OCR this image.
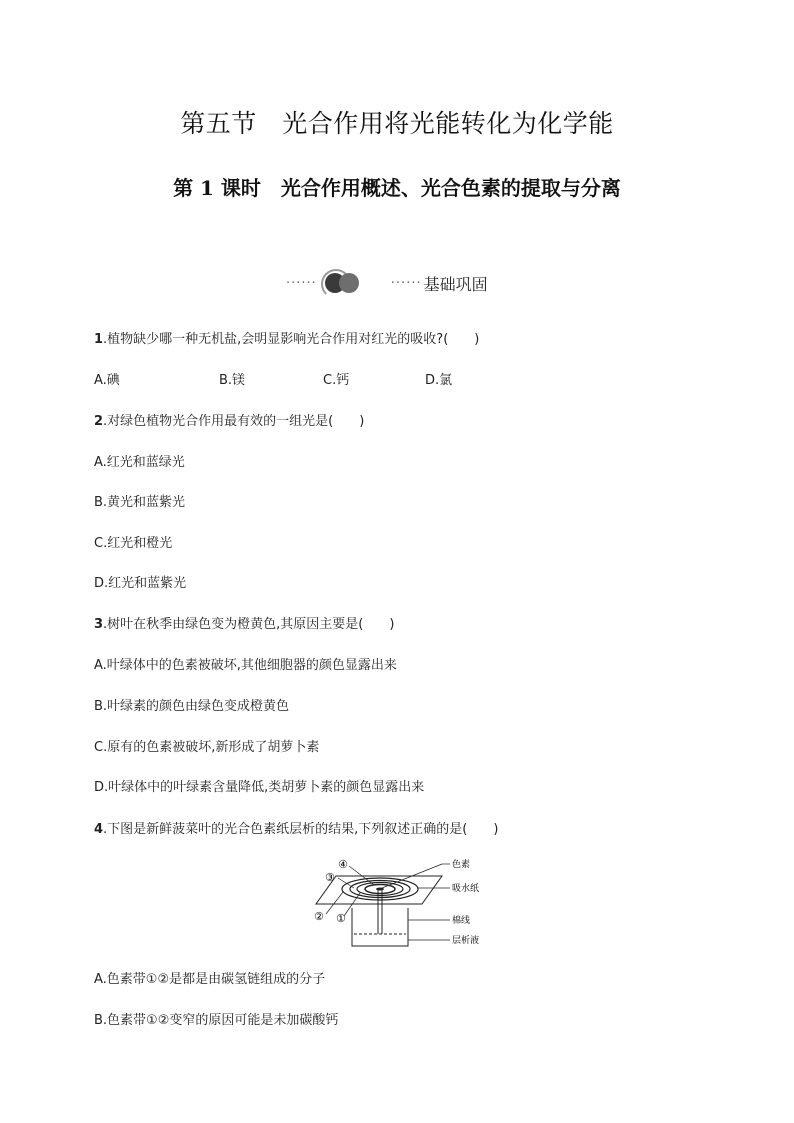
第五节　光合作用将光能转化为化学能
第 1 课时　光合作用概述、光合色素的提取与分离
······	······ 基础巩固
1.植物缺少哪一种无机盐,会明显影响光合作用对红光的吸收?(　　)
A.碘	B.镁	C.钙	D.氯
2.对绿色植物光合作用最有效的一组光是(　　)
A.红光和蓝绿光
B.黄光和蓝紫光
C.红光和橙光
D.红光和蓝紫光
3.树叶在秋季由绿色变为橙黄色,其原因主要是(　　)
A.叶绿体中的色素被破坏,其他细胞器的颜色显露出来
B.叶绿素的颜色由绿色变成橙黄色
C.原有的色素被破坏,新形成了胡萝卜素
D.叶绿体中的叶绿素含量降低,类胡萝卜素的颜色显露出来
4.下图是新鲜菠菜叶的光合色素纸层析的结果,下列叙述正确的是(　　)
色素
吸水纸
棉线
层析液
④
③
② ①
A.色素带①②是都是由碳氢链组成的分子
B.色素带①②变窄的原因可能是未加碳酸钙
